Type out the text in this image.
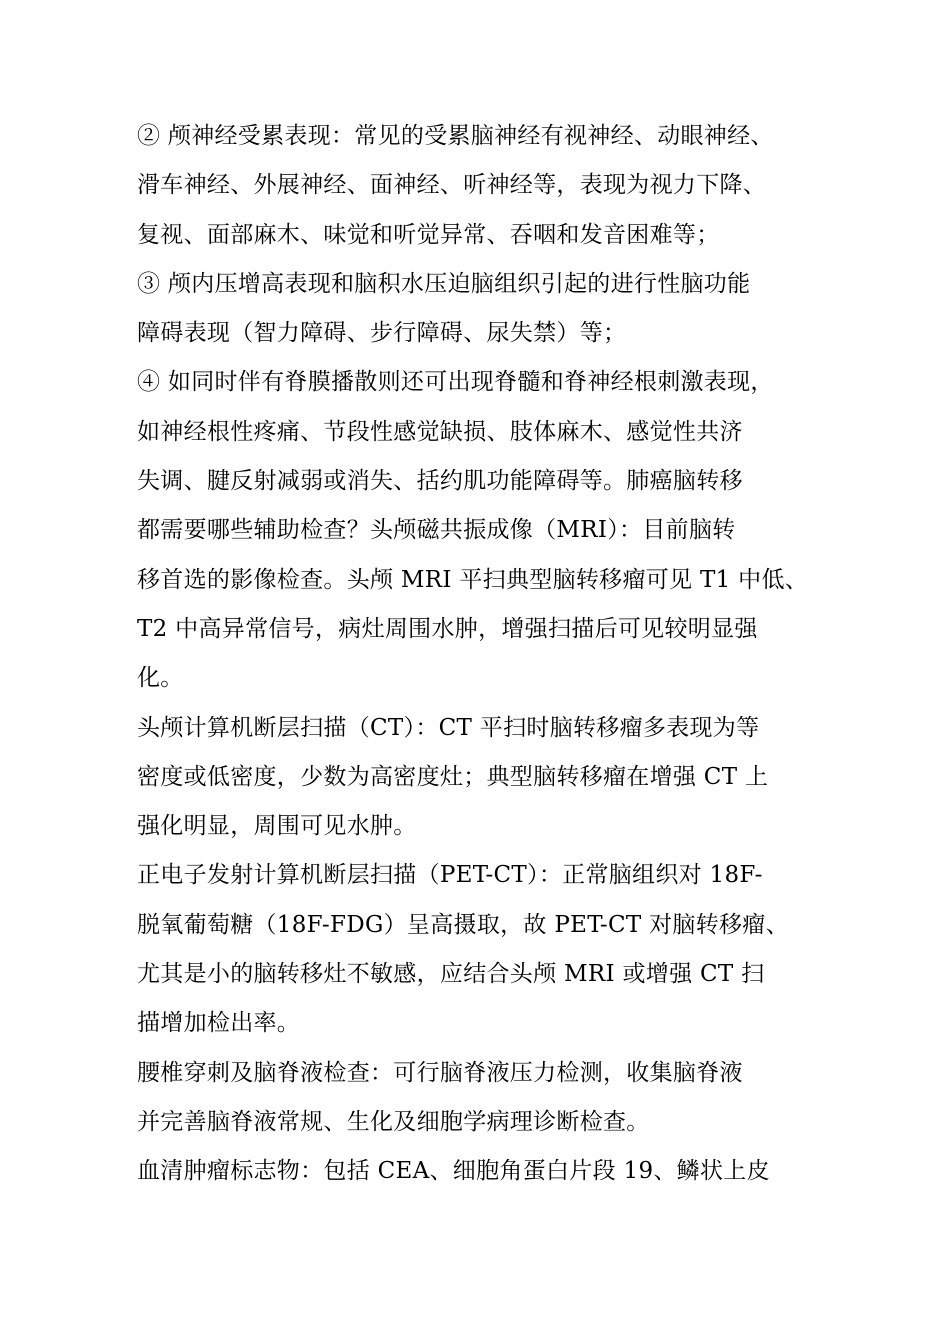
② 颅神经受累表现：常见的受累脑神经有视神经、动眼神经、
滑车神经、外展神经、面神经、听神经等，表现为视力下降、
复视、面部麻木、味觉和听觉异常、吞咽和发音困难等；
③ 颅内压增高表现和脑积水压迫脑组织引起的进行性脑功能
障碍表现（智力障碍、步行障碍、尿失禁）等；
④ 如同时伴有脊膜播散则还可出现脊髓和脊神经根刺激表现，
如神经根性疼痛、节段性感觉缺损、肢体麻木、感觉性共济
失调、腱反射减弱或消失、括约肌功能障碍等。肺癌脑转移
都需要哪些辅助检查？头颅磁共振成像（MRI）：目前脑转
移首选的影像检查。头颅 MRI 平扫典型脑转移瘤可见 T1 中低、
T2 中高异常信号，病灶周围水肿，增强扫描后可见较明显强
化。
头颅计算机断层扫描（CT）：CT 平扫时脑转移瘤多表现为等
密度或低密度，少数为高密度灶；典型脑转移瘤在增强 CT 上
强化明显，周围可见水肿。
正电子发射计算机断层扫描（PET-CT）：正常脑组织对 18F-
脱氧葡萄糖（18F-FDG）呈高摄取，故 PET-CT 对脑转移瘤、
尤其是小的脑转移灶不敏感，应结合头颅 MRI 或增强 CT 扫
描增加检出率。
腰椎穿刺及脑脊液检查：可行脑脊液压力检测，收集脑脊液
并完善脑脊液常规、生化及细胞学病理诊断检查。
血清肿瘤标志物：包括 CEA、细胞角蛋白片段 19、鳞状上皮
